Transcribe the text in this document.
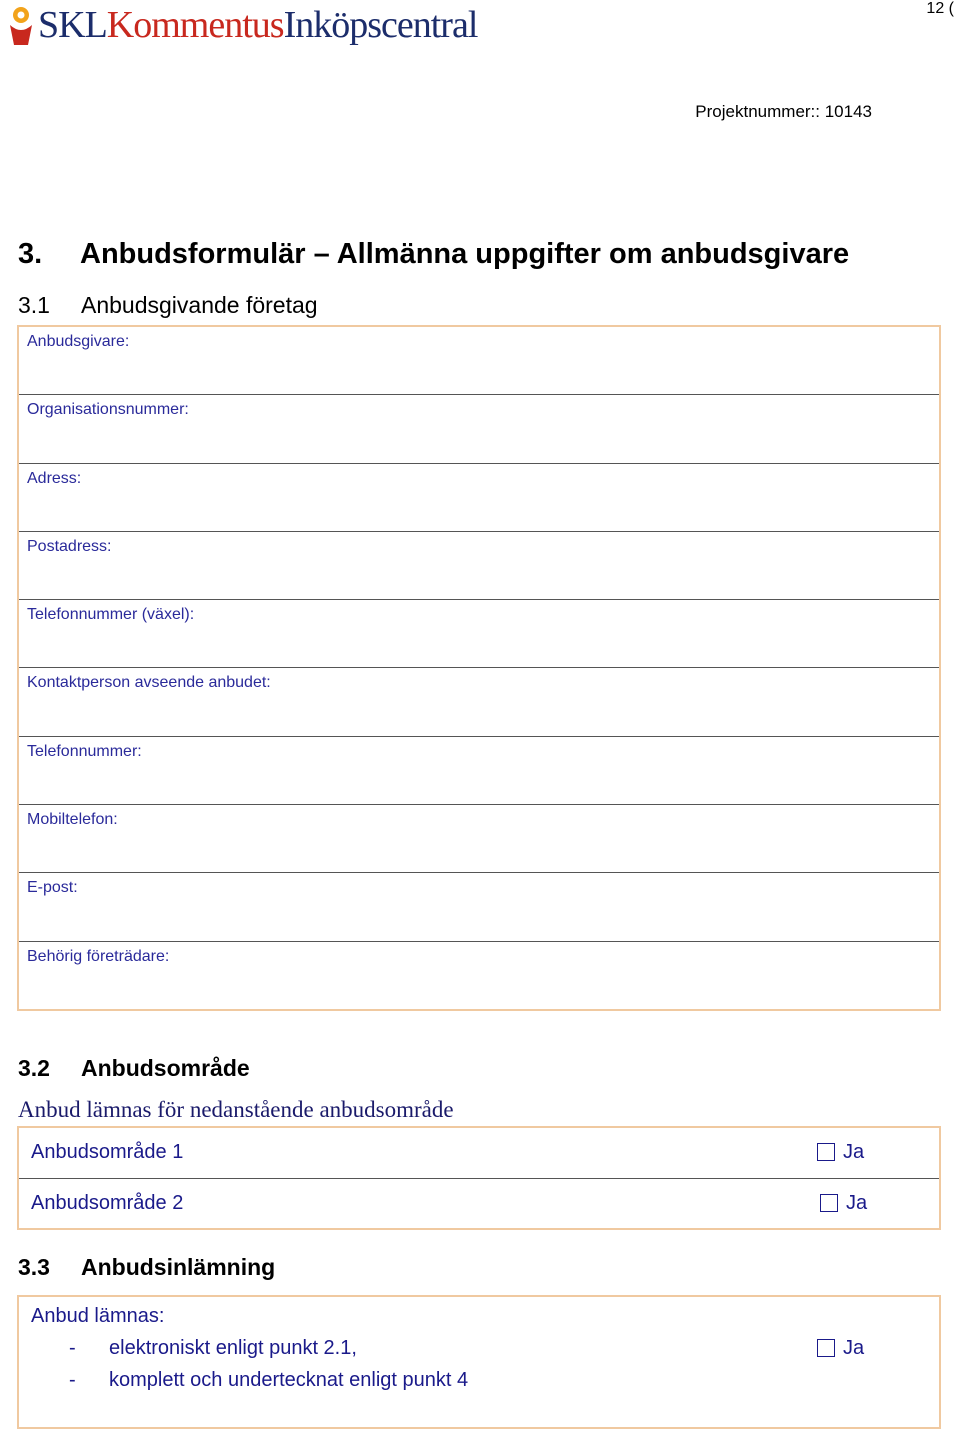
12 (
SKLKommentusInköpscentral
Projektnummer:: 10143
3. Anbudsformulär – Allmänna uppgifter om anbudsgivare
3.1 Anbudsgivande företag
Anbudsgivare:
Organisationsnummer:
Adress:
Postadress:
Telefonnummer (växel):
Kontaktperson avseende anbudet:
Telefonnummer:
Mobiltelefon:
E-post:
Behörig företrädare:
3.2 Anbudsområde
Anbud lämnas för nedanstående anbudsområde
Anbudsområde 1	Ja
Anbudsområde 2	Ja
3.3 Anbudsinlämning
Anbud lämnas:
- elektroniskt enligt punkt 2.1,
- komplett och undertecknat enligt punkt 4
Ja
